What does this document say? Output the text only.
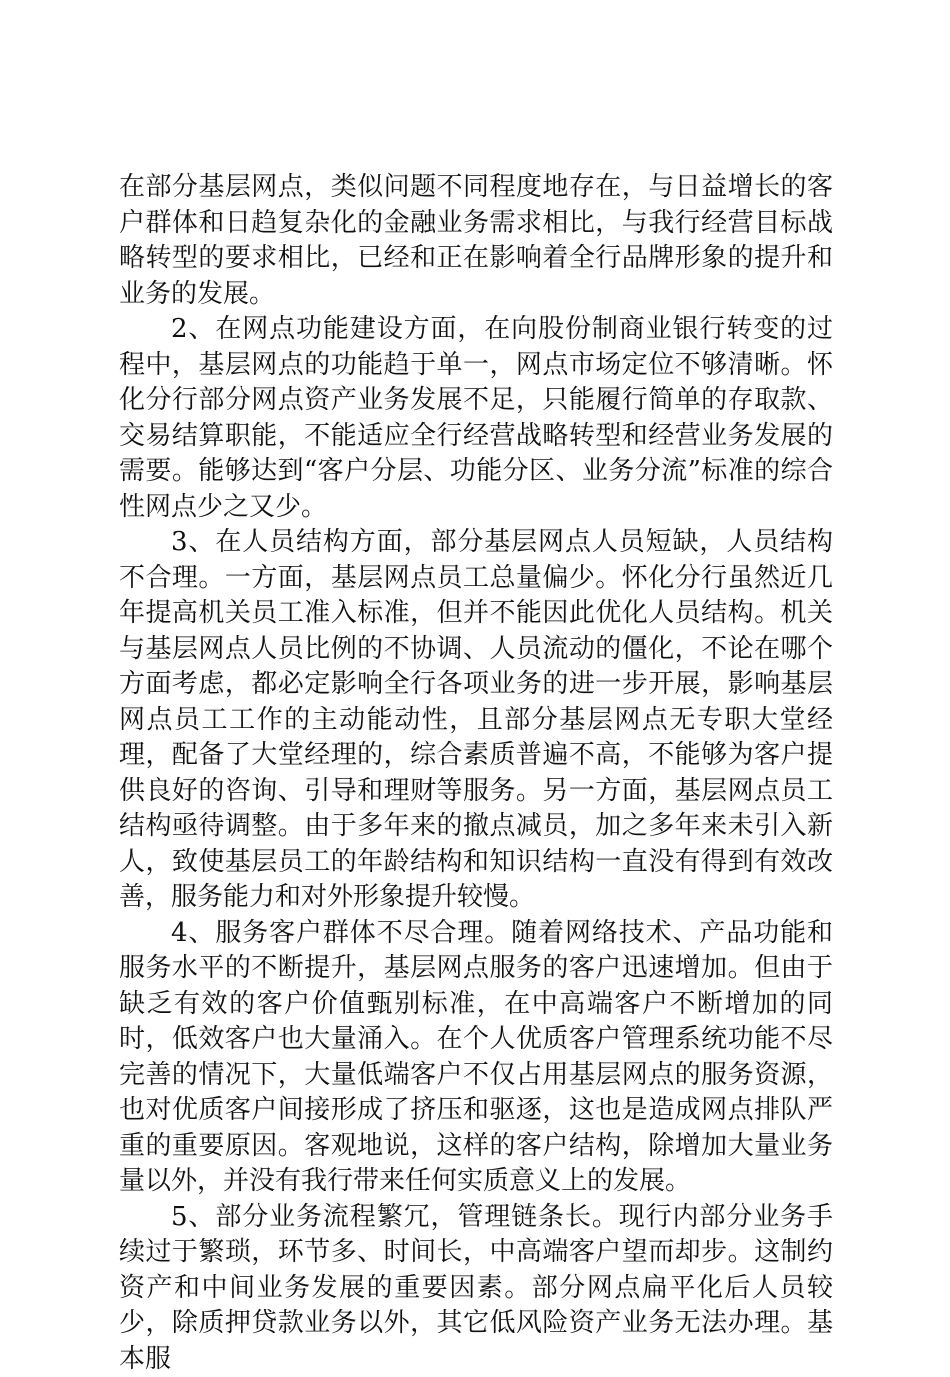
在部分基层网点，类似问题不同程度地存在，与日益增长的客户群体和日趋复杂化的金融业务需求相比，与我行经营目标战略转型的要求相比，已经和正在影响着全行品牌形象的提升和业务的发展。

2、在网点功能建设方面，在向股份制商业银行转变的过程中，基层网点的功能趋于单一，网点市场定位不够清晰。怀化分行部分网点资产业务发展不足，只能履行简单的存取款、交易结算职能，不能适应全行经营战略转型和经营业务发展的需要。能够达到“客户分层、功能分区、业务分流”标准的综合性网点少之又少。

3、在人员结构方面，部分基层网点人员短缺，人员结构不合理。一方面，基层网点员工总量偏少。怀化分行虽然近几年提高机关员工准入标准，但并不能因此优化人员结构。机关与基层网点人员比例的不协调、人员流动的僵化，不论在哪个方面考虑，都必定影响全行各项业务的进一步开展，影响基层网点员工工作的主动能动性，且部分基层网点无专职大堂经理，配备了大堂经理的，综合素质普遍不高，不能够为客户提供良好的咨询、引导和理财等服务。另一方面，基层网点员工结构亟待调整。由于多年来的撤点减员，加之多年来未引入新人，致使基层员工的年龄结构和知识结构一直没有得到有效改善，服务能力和对外形象提升较慢。

4、服务客户群体不尽合理。随着网络技术、产品功能和服务水平的不断提升，基层网点服务的客户迅速增加。但由于缺乏有效的客户价值甄别标准，在中高端客户不断增加的同时，低效客户也大量涌入。在个人优质客户管理系统功能不尽完善的情况下，大量低端客户不仅占用基层网点的服务资源，也对优质客户间接形成了挤压和驱逐，这也是造成网点排队严重的重要原因。客观地说，这样的客户结构，除增加大量业务量以外，并没有我行带来任何实质意义上的发展。

5、部分业务流程繁冗，管理链条长。现行内部分业务手续过于繁琐，环节多、时间长，中高端客户望而却步。这制约资产和中间业务发展的重要因素。部分网点扁平化后人员较少，除质押贷款业务以外，其它低风险资产业务无法办理。基本服
